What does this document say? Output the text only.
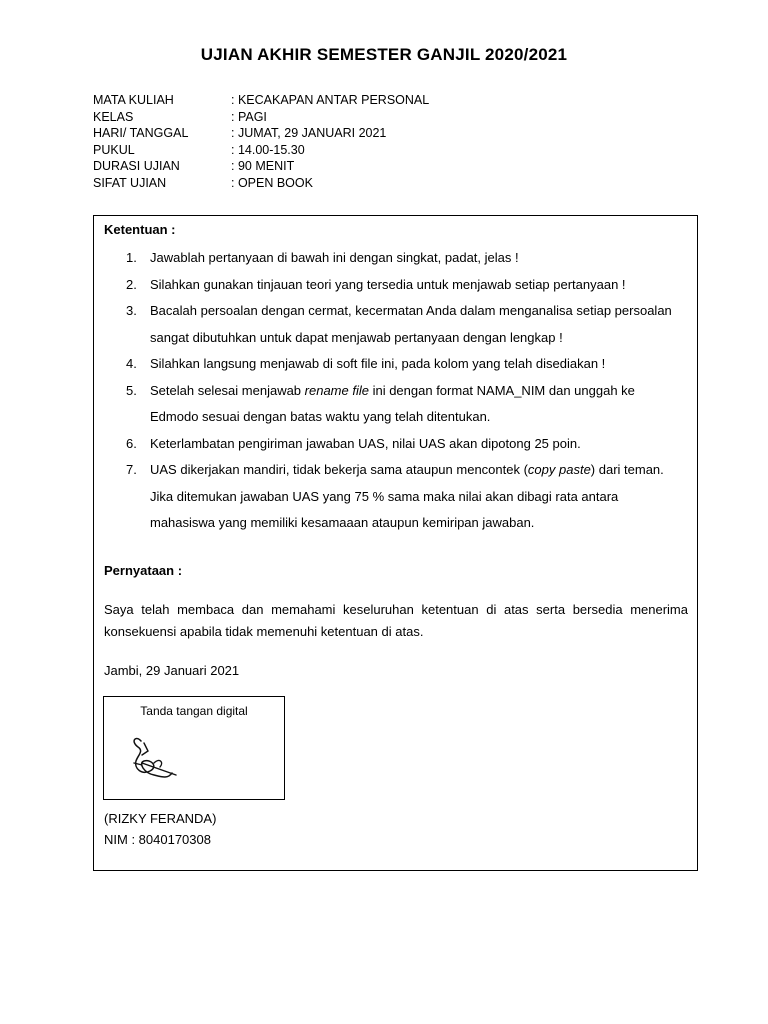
UJIAN AKHIR SEMESTER GANJIL 2020/2021
MATA KULIAH	: KECAKAPAN ANTAR PERSONAL
KELAS	: PAGI
HARI/ TANGGAL	: JUMAT, 29 JANUARI 2021
PUKUL	: 14.00-15.30
DURASI UJIAN	: 90 MENIT
SIFAT UJIAN	: OPEN BOOK
Ketentuan :
1.	Jawablah pertanyaan di bawah ini dengan singkat, padat, jelas !
2.	Silahkan gunakan tinjauan teori yang tersedia untuk menjawab setiap pertanyaan !
3.	Bacalah persoalan dengan cermat, kecermatan Anda dalam menganalisa setiap persoalan sangat dibutuhkan untuk dapat menjawab pertanyaan dengan lengkap !
4.	Silahkan langsung menjawab di soft file ini, pada kolom yang telah disediakan !
5.	Setelah selesai menjawab rename file ini dengan format NAMA_NIM dan unggah ke Edmodo sesuai dengan batas waktu yang telah ditentukan.
6.	Keterlambatan pengiriman jawaban UAS, nilai UAS akan dipotong 25 poin.
7.	UAS dikerjakan mandiri, tidak bekerja sama ataupun mencontek (copy paste) dari teman. Jika ditemukan jawaban UAS yang 75 % sama maka nilai akan dibagi rata antara mahasiswa yang memiliki kesamaaan ataupun kemiripan jawaban.
Pernyataan :

Saya telah membaca dan memahami keseluruhan ketentuan di atas serta bersedia menerima konsekuensi apabila tidak memenuhi ketentuan di atas.

Jambi, 29 Januari 2021
Tanda tangan digital
(RIZKY FERANDA)
NIM : 8040170308
